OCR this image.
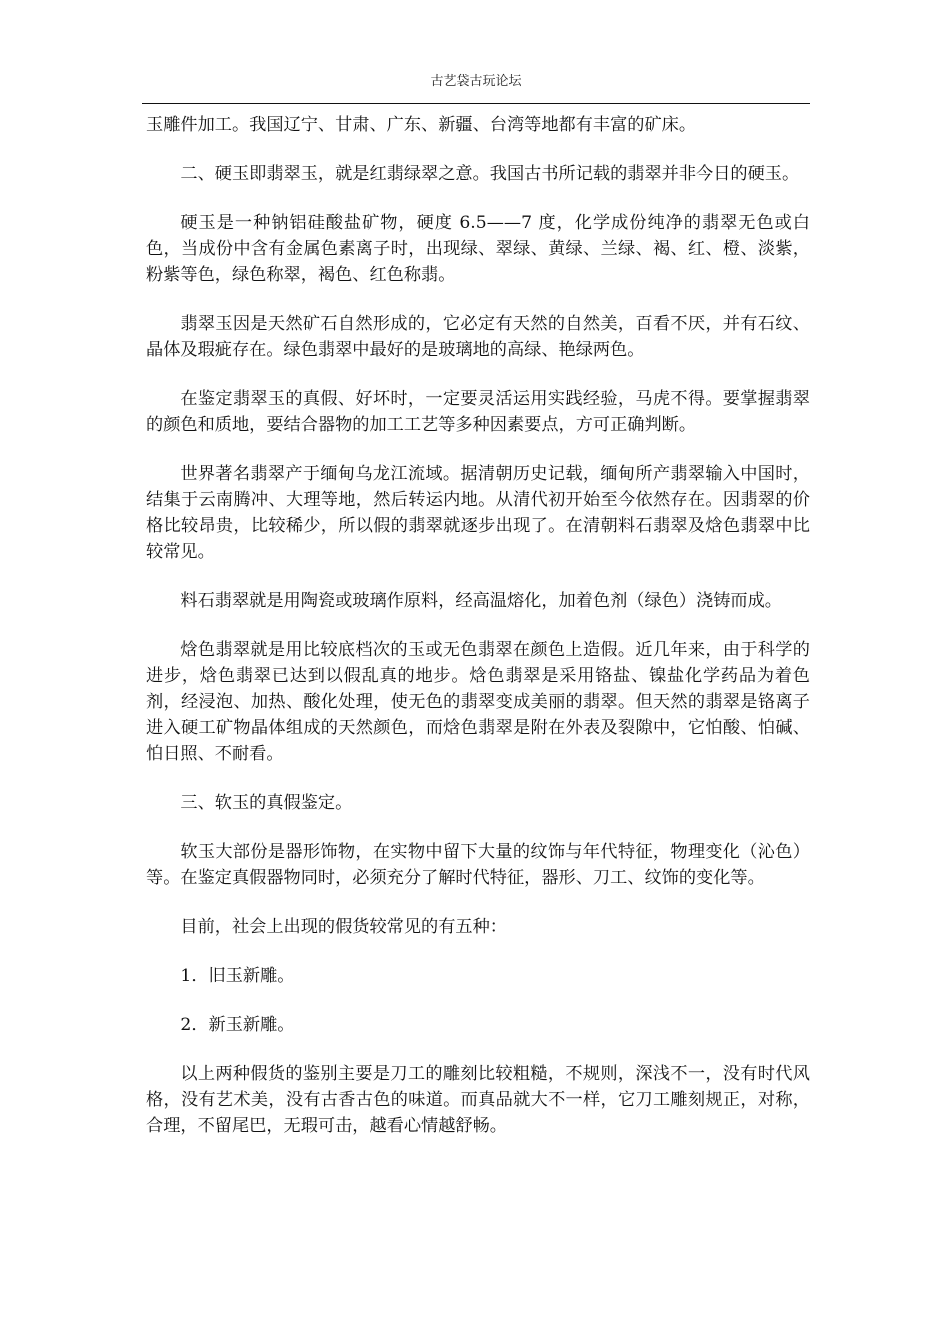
古艺袋古玩论坛

玉雕件加工。我国辽宁、甘肃、广东、新疆、台湾等地都有丰富的矿床。

二、硬玉即翡翠玉，就是红翡绿翠之意。我国古书所记载的翡翠并非今日的硬玉。

硬玉是一种钠铝硅酸盐矿物，硬度 6.5——7 度，化学成份纯净的翡翠无色或白色，当成份中含有金属色素离子时，出现绿、翠绿、黄绿、兰绿、褐、红、橙、淡紫，粉紫等色，绿色称翠，褐色、红色称翡。

翡翠玉因是天然矿石自然形成的，它必定有天然的自然美，百看不厌，并有石纹、晶体及瑕疵存在。绿色翡翠中最好的是玻璃地的高绿、艳绿两色。

在鉴定翡翠玉的真假、好坏时，一定要灵活运用实践经验，马虎不得。要掌握翡翠的颜色和质地，要结合器物的加工工艺等多种因素要点，方可正确判断。

世界著名翡翠产于缅甸乌龙江流域。据清朝历史记载，缅甸所产翡翠输入中国时，结集于云南腾冲、大理等地，然后转运内地。从清代初开始至今依然存在。因翡翠的价格比较昂贵，比较稀少，所以假的翡翠就逐步出现了。在清朝料石翡翠及焓色翡翠中比较常见。

料石翡翠就是用陶瓷或玻璃作原料，经高温熔化，加着色剂（绿色）浇铸而成。

焓色翡翠就是用比较底档次的玉或无色翡翠在颜色上造假。近几年来，由于科学的进步，焓色翡翠已达到以假乱真的地步。焓色翡翠是采用铬盐、镍盐化学药品为着色剂，经浸泡、加热、酸化处理，使无色的翡翠变成美丽的翡翠。但天然的翡翠是铬离子进入硬工矿物晶体组成的天然颜色，而焓色翡翠是附在外表及裂隙中，它怕酸、怕碱、怕日照、不耐看。

三、软玉的真假鉴定。

软玉大部份是器形饰物，在实物中留下大量的纹饰与年代特征，物理变化（沁色）等。在鉴定真假器物同时，必须充分了解时代特征，器形、刀工、纹饰的变化等。

目前，社会上出现的假货较常见的有五种：

1．旧玉新雕。

2．新玉新雕。

以上两种假货的鉴别主要是刀工的雕刻比较粗糙，不规则，深浅不一，没有时代风格，没有艺术美，没有古香古色的味道。而真品就大不一样，它刀工雕刻规正，对称，合理，不留尾巴，无瑕可击，越看心情越舒畅。
